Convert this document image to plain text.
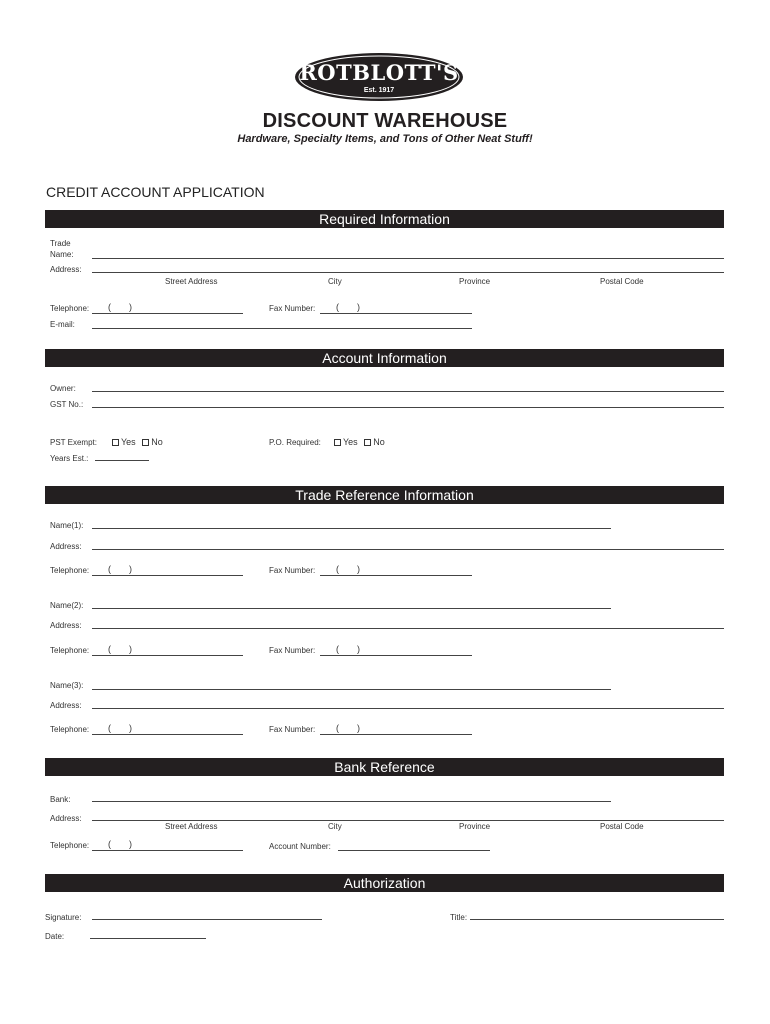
ROTBLOTT'S
Est. 1917
DISCOUNT WAREHOUSE
Hardware, Specialty Items, and Tons of Other Neat Stuff!
CREDIT ACCOUNT APPLICATION
Required Information
Trade
Name:
Address:
Street Address	City	Province	Postal Code
Telephone: ( )	Fax Number: ( )
E-mail:
Account Information
Owner:
GST No.:
PST Exempt:	Yes No	P.O. Required:	Yes No
Years Est.:
Trade Reference Information
Name(1):
Address:
Telephone: ( )	Fax Number: ( )
Name(2):
Address:
Telephone: ( )	Fax Number: ( )
Name(3):
Address:
Telephone: ( )	Fax Number: ( )
Bank Reference
Bank:
Address:
Street Address	City	Province	Postal Code
Telephone: ( )	Account Number:
Authorization
Signature:	Title:
Date:
